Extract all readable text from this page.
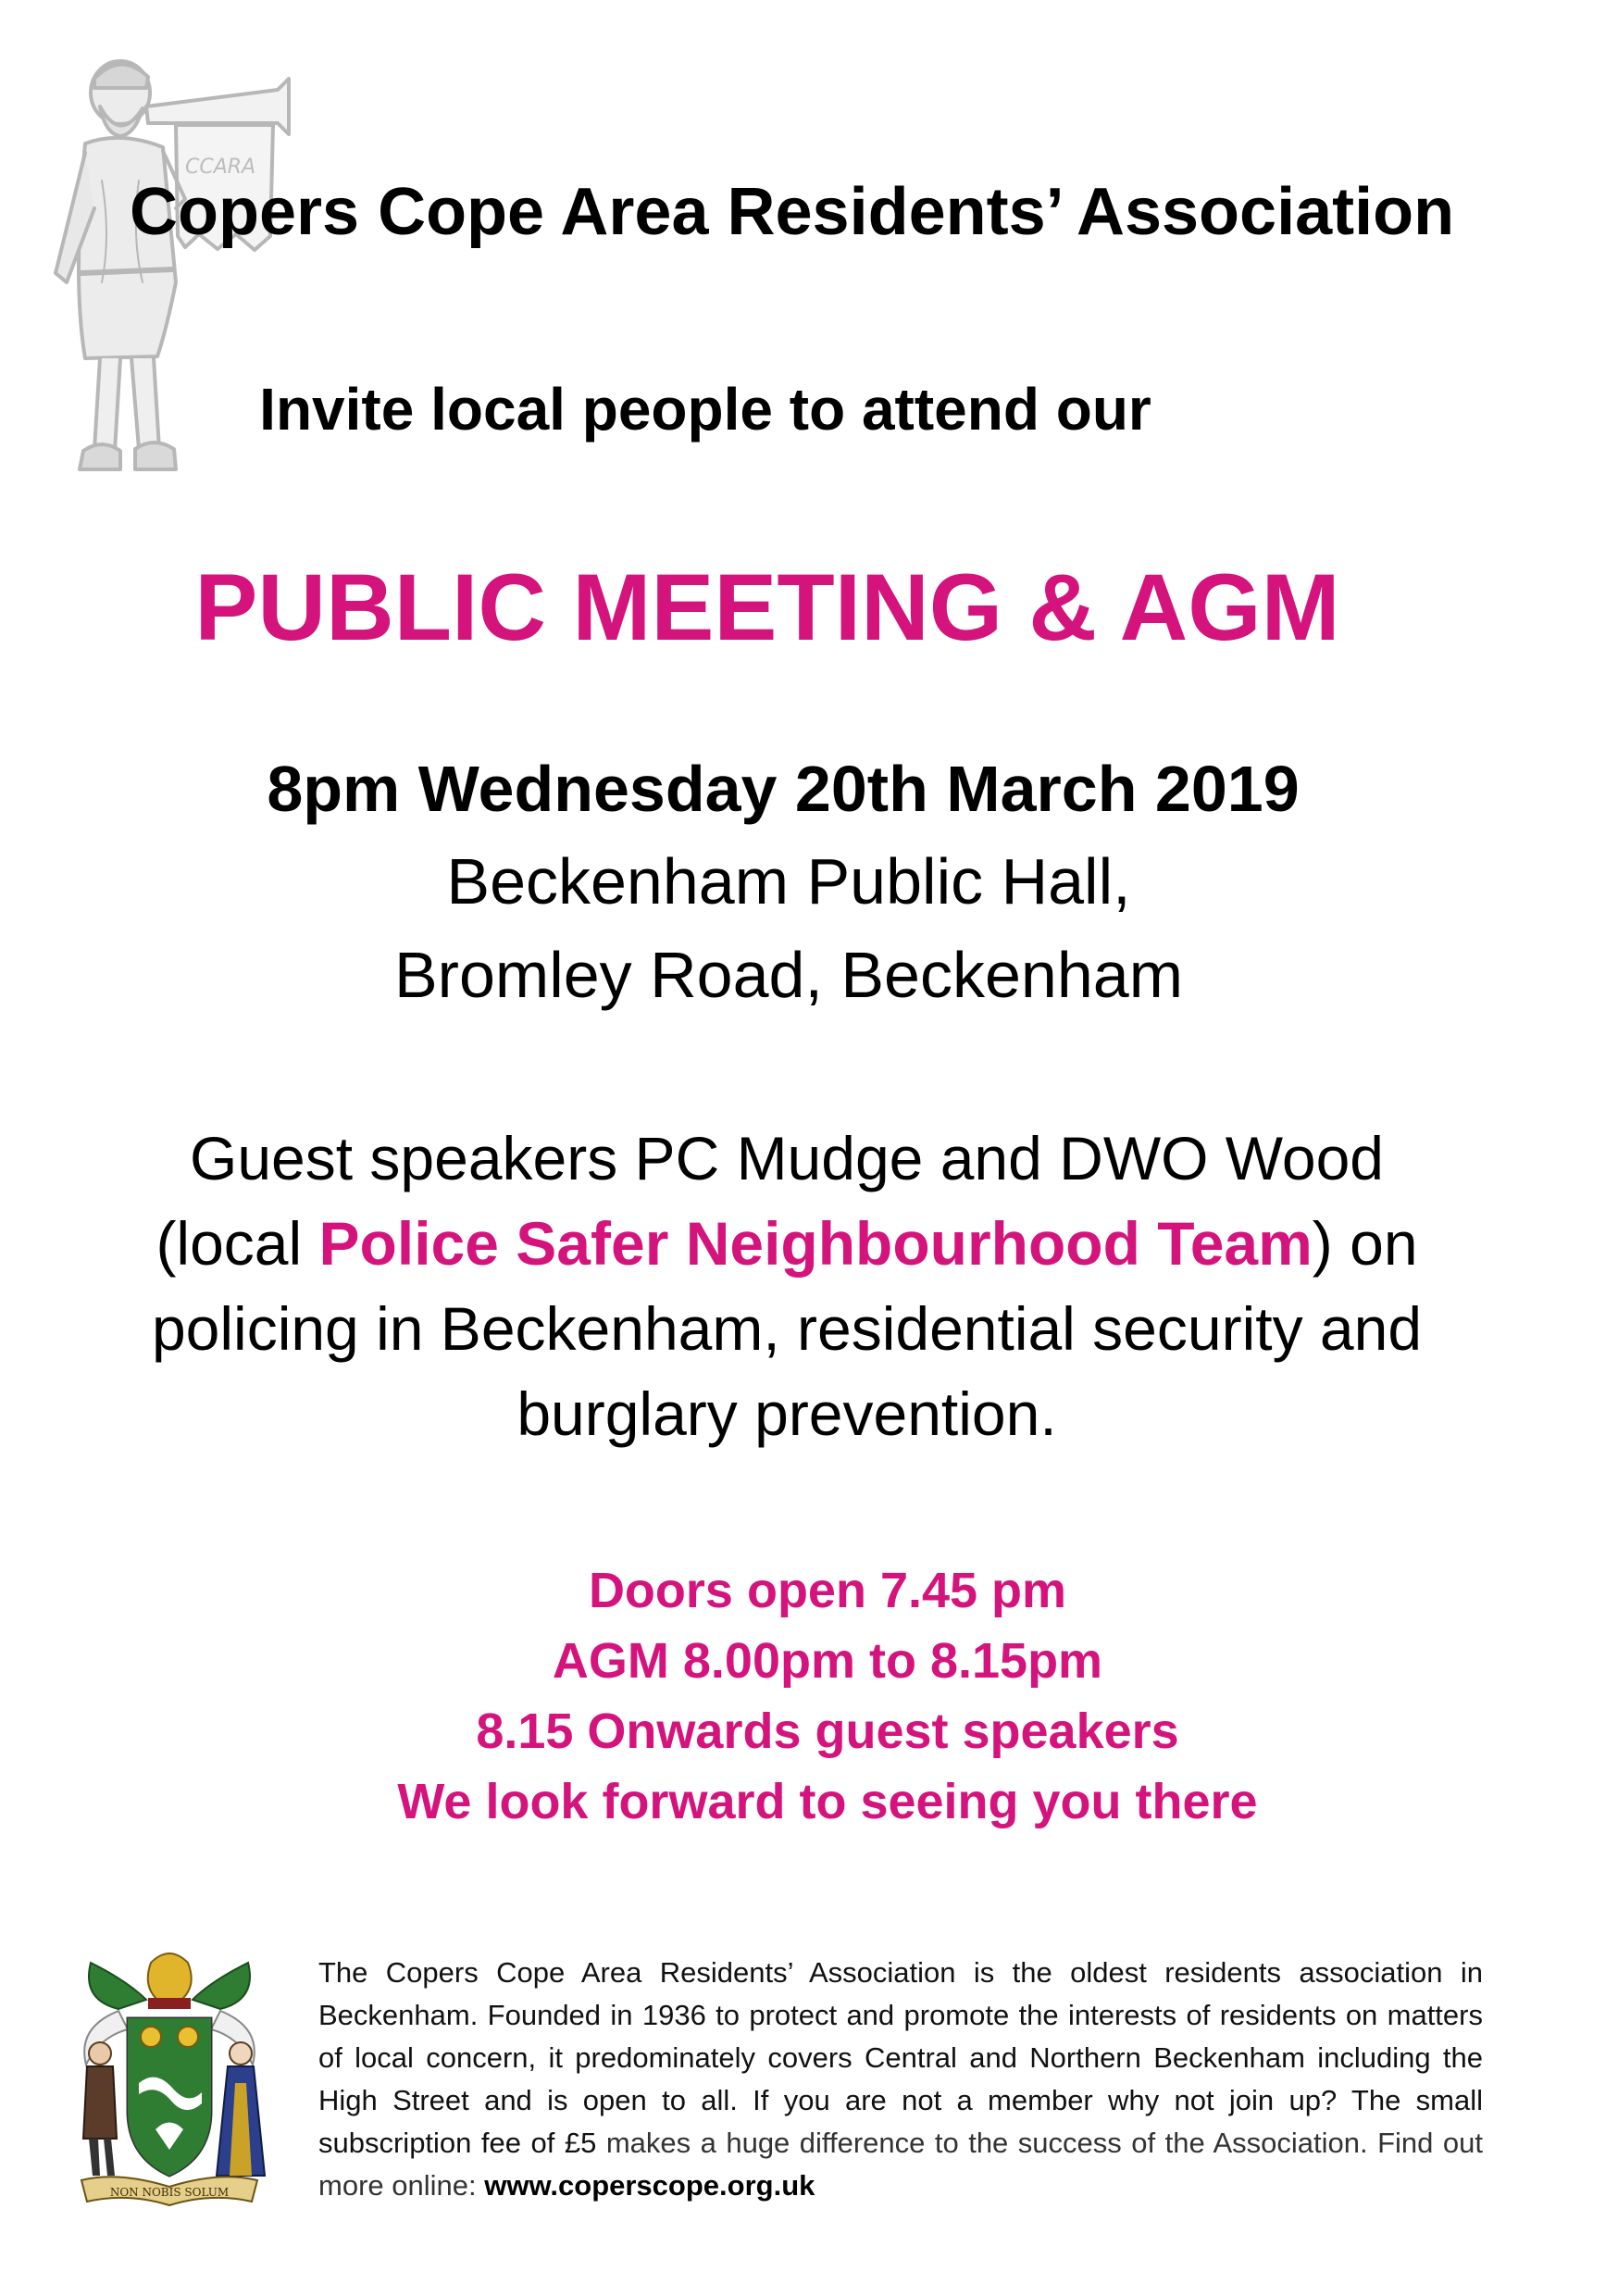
CCARA
Copers Cope Area Residents’ Association
Invite local people to attend our
PUBLIC MEETING & AGM
8pm Wednesday 20th March 2019
Beckenham Public Hall,
Bromley Road, Beckenham
Guest speakers PC Mudge and DWO Wood
(local Police Safer Neighbourhood Team) on
policing in Beckenham, residential security and
burglary prevention.
Doors open 7.45 pm
AGM 8.00pm to 8.15pm
8.15 Onwards guest speakers
We look forward to seeing you there
NON NOBIS SOLUM
The Copers Cope Area Residents’ Association is the oldest residents association in Beckenham. Founded in 1936 to protect and promote the interests of residents on matters of local concern, it predominately covers Central and Northern Beckenham including the High Street and is open to all. If you are not a member why not join up? The small subscription fee of £5 makes a huge difference to the success of the Association. Find out more online: www.coperscope.org.uk
